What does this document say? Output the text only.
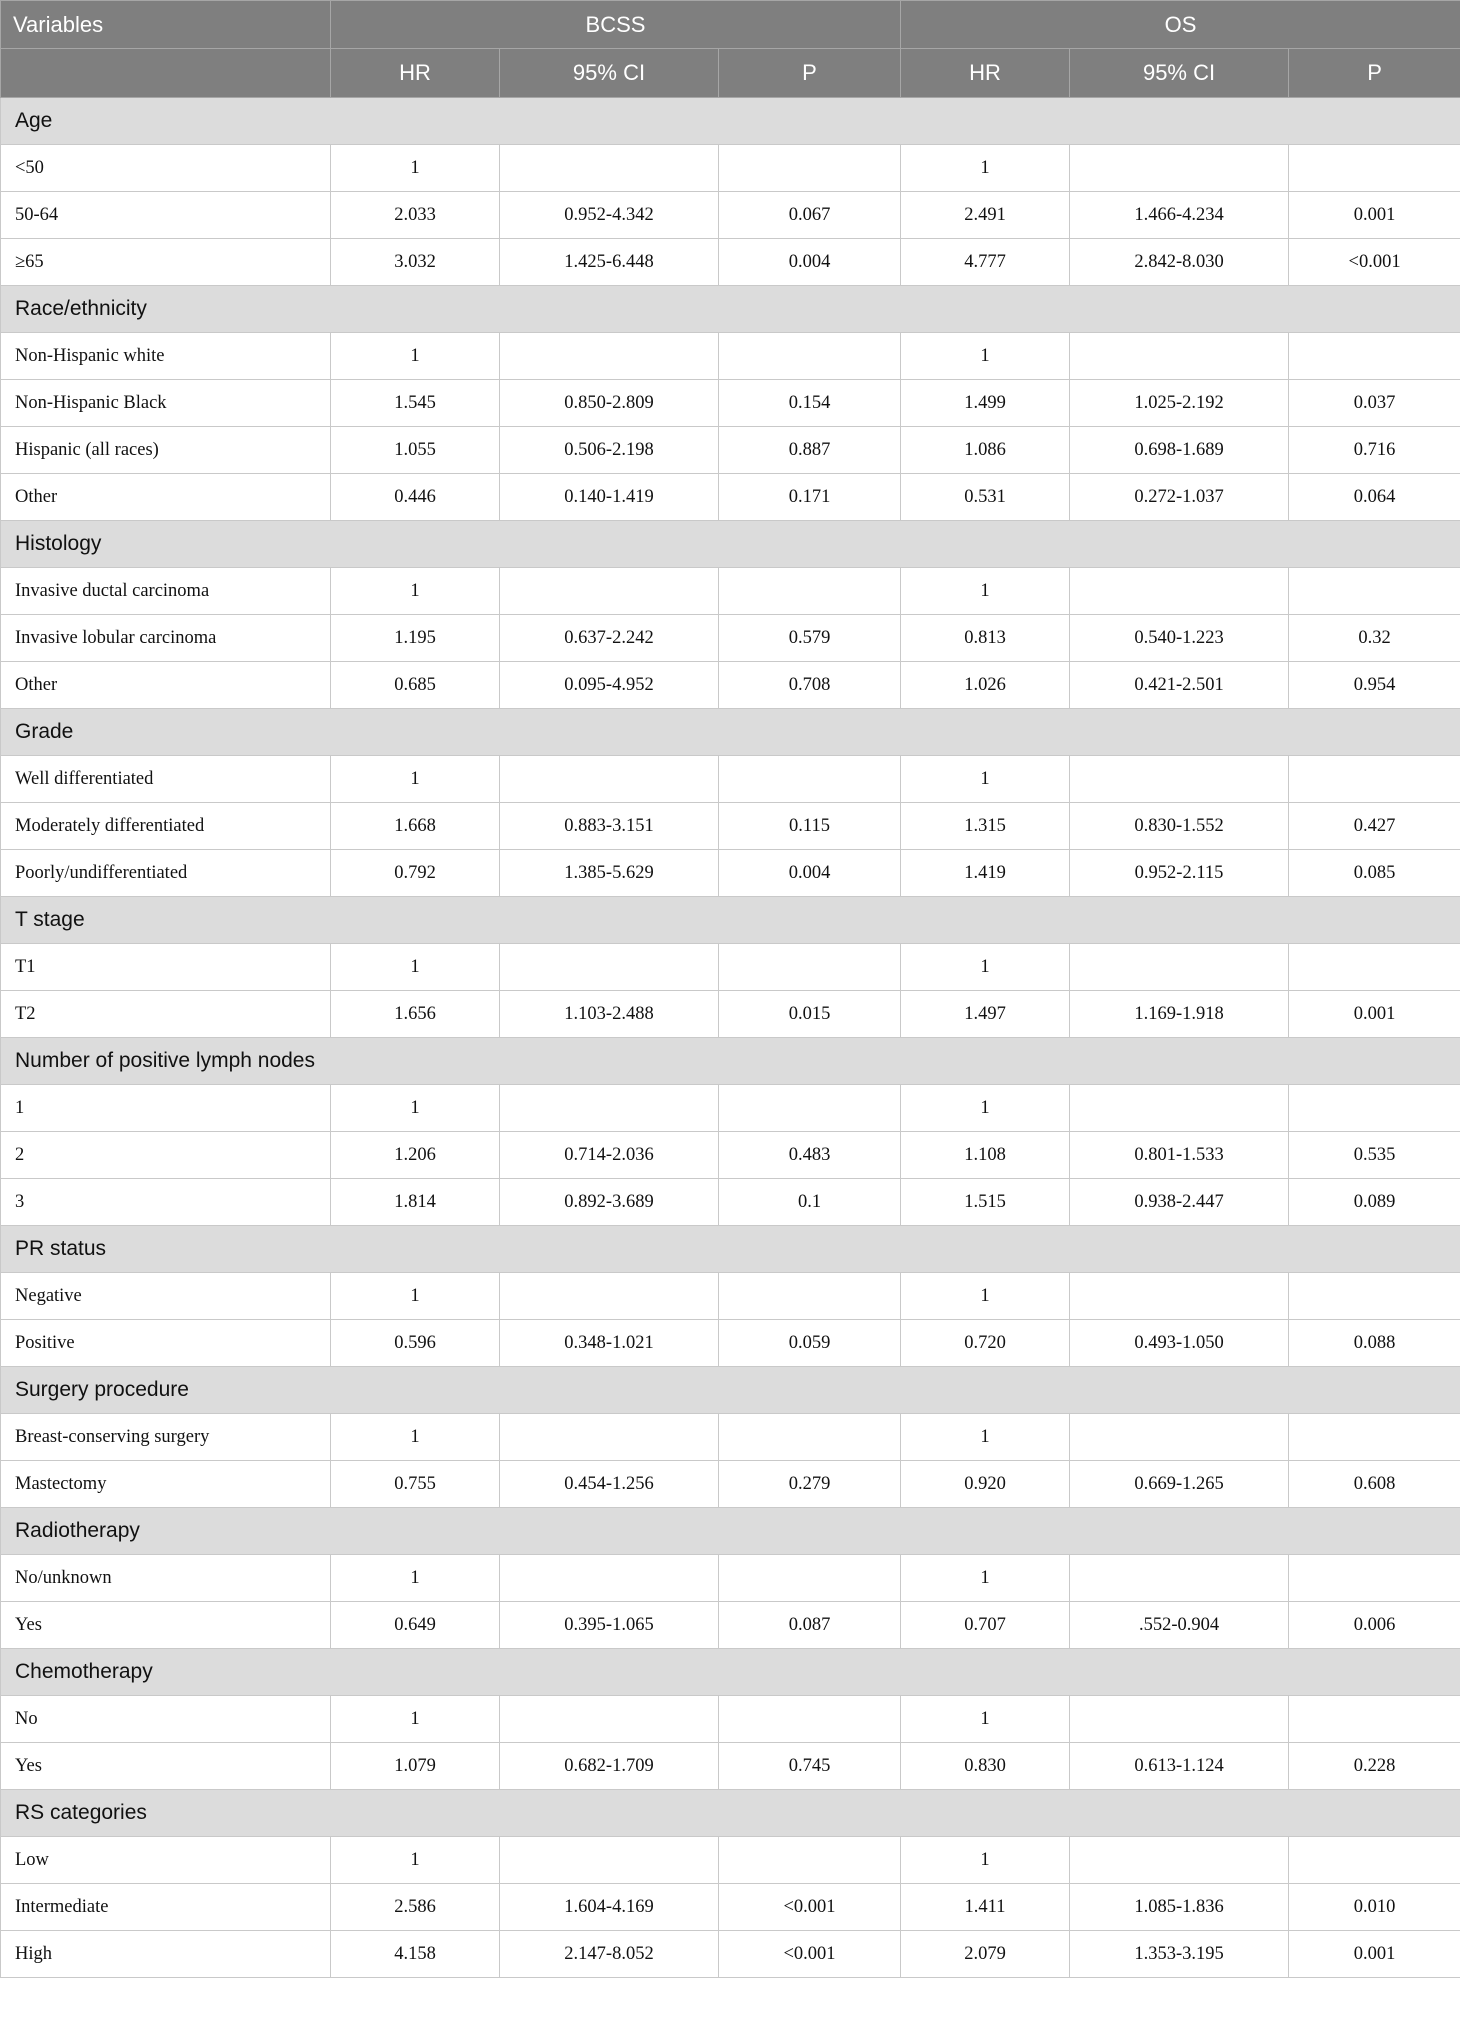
Variables	BCSS			OS		
	HR	95% CI	P	HR	95% CI	P
Age						
<50	1			1		
50-64	2.033	0.952-4.342	0.067	2.491	1.466-4.234	0.001
≥65	3.032	1.425-6.448	0.004	4.777	2.842-8.030	<0.001
Race/ethnicity						
Non-Hispanic white	1			1		
Non-Hispanic Black	1.545	0.850-2.809	0.154	1.499	1.025-2.192	0.037
Hispanic (all races)	1.055	0.506-2.198	0.887	1.086	0.698-1.689	0.716
Other	0.446	0.140-1.419	0.171	0.531	0.272-1.037	0.064
Histology						
Invasive ductal carcinoma	1			1		
Invasive lobular carcinoma	1.195	0.637-2.242	0.579	0.813	0.540-1.223	0.32
Other	0.685	0.095-4.952	0.708	1.026	0.421-2.501	0.954
Grade						
Well differentiated	1			1		
Moderately differentiated	1.668	0.883-3.151	0.115	1.315	0.830-1.552	0.427
Poorly/undifferentiated	0.792	1.385-5.629	0.004	1.419	0.952-2.115	0.085
T stage						
T1	1			1		
T2	1.656	1.103-2.488	0.015	1.497	1.169-1.918	0.001
Number of positive lymph nodes						
1	1			1		
2	1.206	0.714-2.036	0.483	1.108	0.801-1.533	0.535
3	1.814	0.892-3.689	0.1	1.515	0.938-2.447	0.089
PR status						
Negative	1			1		
Positive	0.596	0.348-1.021	0.059	0.720	0.493-1.050	0.088
Surgery procedure						
Breast-conserving surgery	1			1		
Mastectomy	0.755	0.454-1.256	0.279	0.920	0.669-1.265	0.608
Radiotherapy						
No/unknown	1			1		
Yes	0.649	0.395-1.065	0.087	0.707	.552-0.904	0.006
Chemotherapy						
No	1			1		
Yes	1.079	0.682-1.709	0.745	0.830	0.613-1.124	0.228
RS categories						
Low	1			1		
Intermediate	2.586	1.604-4.169	<0.001	1.411	1.085-1.836	0.010
High	4.158	2.147-8.052	<0.001	2.079	1.353-3.195	0.001
